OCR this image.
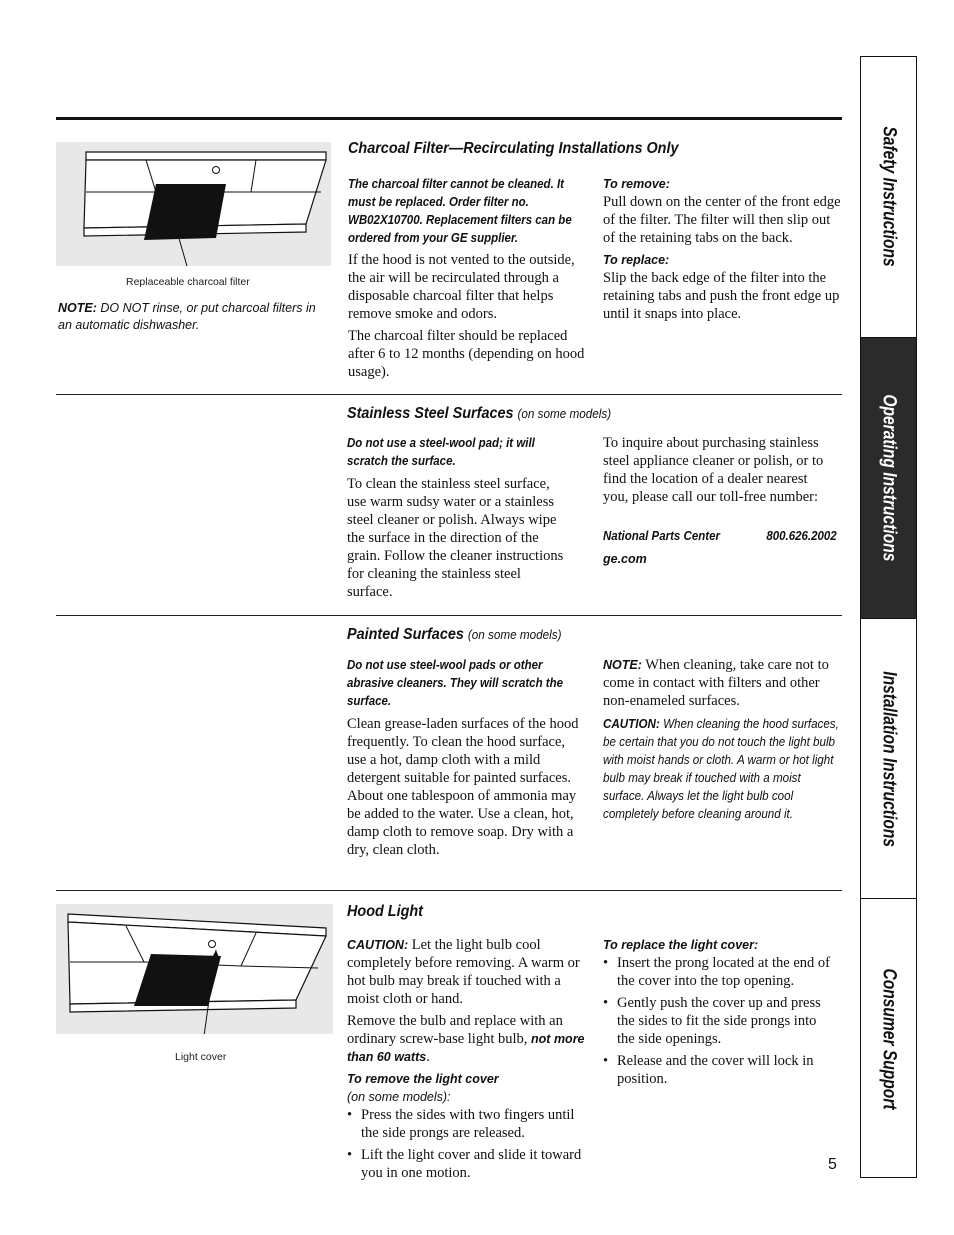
Replaceable charcoal filter
NOTE: DO NOT rinse, or put charcoal filters in an automatic dishwasher.
Charcoal Filter—Recirculating Installations Only
The charcoal filter cannot be cleaned. It must be replaced. Order filter no. WB02X10700. Replacement filters can be ordered from your GE supplier.

If the hood is not vented to the outside, the air will be recirculated through a disposable charcoal filter that helps remove smoke and odors.

The charcoal filter should be replaced after 6 to 12 months (depending on hood usage).

To remove:

Pull down on the center of the front edge of the filter. The filter will then slip out of the retaining tabs on the back.

To replace:

Slip the back edge of the filter into the retaining tabs and push the front edge up until it snaps into place.

Stainless Steel Surfaces (on some models)
Do not use a steel-wool pad; it will scratch the surface.
To clean the stainless steel surface, use warm sudsy water or a stainless steel cleaner or polish. Always wipe the surface in the direction of the grain. Follow the cleaner instructions for cleaning the stainless steel surface.
To inquire about purchasing stainless steel appliance cleaner or polish, or to find the location of a dealer nearest you, please call our toll-free number:
National Parts Center	800.626.2002
ge.com
Painted Surfaces (on some models)
Do not use steel-wool pads or other abrasive cleaners. They will scratch the surface.
Clean grease-laden surfaces of the hood frequently. To clean the hood surface, use a hot, damp cloth with a mild detergent suitable for painted surfaces. About one tablespoon of ammonia may be added to the water. Use a clean, hot, damp cloth to remove soap. Dry with a dry, clean cloth.
NOTE: When cleaning, take care not to come in contact with filters and other non-enameled surfaces.
CAUTION: When cleaning the hood surfaces, be certain that you do not touch the light bulb with moist hands or cloth. A warm or hot light bulb may break if touched with a moist surface. Always let the light bulb cool completely before cleaning around it.
Light cover
Hood Light

CAUTION: Let the light bulb cool completely before removing. A warm or hot bulb may break if touched with a moist cloth or hand.

Remove the bulb and replace with an ordinary screw-base light bulb, not more than 60 watts.

To remove the light cover
(on some models):
• Press the sides with two fingers until the side prongs are released.
• Lift the light cover and slide it toward you in one motion.
To replace the light cover:
• Insert the prong located at the end of the cover into the top opening.
• Gently push the cover up and press the sides to fit the side prongs into the side openings.
• Release and the cover will lock in position.
5
Safety Instructions
Operating Instructions
Installation Instructions
Consumer Support
